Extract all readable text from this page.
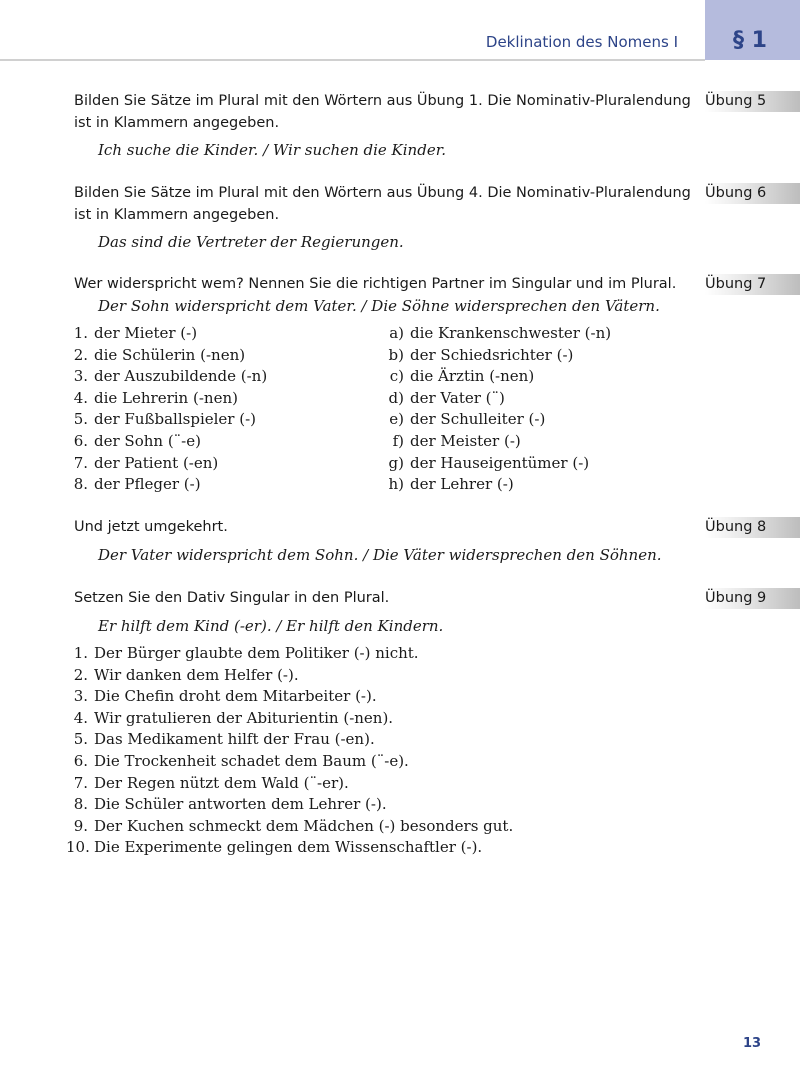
Deklination des Nomens I	§ 1
Übung 5
Bilden Sie Sätze im Plural mit den Wörtern aus Übung 1. Die Nominativ-Pluralendung ist in Klammern angegeben.
Ich suche die Kinder. / Wir suchen die Kinder.
Übung 6
Bilden Sie Sätze im Plural mit den Wörtern aus Übung 4. Die Nominativ-Pluralendung ist in Klammern angegeben.
Das sind die Vertreter der Regierungen.
Übung 7
Wer widerspricht wem? Nennen Sie die richtigen Partner im Singular und im Plural.
Der Sohn widerspricht dem Vater. / Die Söhne widersprechen den Vätern.
1. der Mieter (-)
2. die Schülerin (-nen)
3. der Auszubildende (-n)
4. die Lehrerin (-nen)
5. der Fußballspieler (-)
6. der Sohn (¨-e)
7. der Patient (-en)
8. der Pfleger (-)
a) die Krankenschwester (-n)
b) der Schiedsrichter (-)
c) die Ärztin (-nen)
d) der Vater (¨)
e) der Schulleiter (-)
f) der Meister (-)
g) der Hauseigentümer (-)
h) der Lehrer (-)
Übung 8
Und jetzt umgekehrt.
Der Vater widerspricht dem Sohn. / Die Väter widersprechen den Söhnen.
Übung 9
Setzen Sie den Dativ Singular in den Plural.
Er hilft dem Kind (-er). / Er hilft den Kindern.
1. Der Bürger glaubte dem Politiker (-) nicht.
2. Wir danken dem Helfer (-).
3. Die Chefin droht dem Mitarbeiter (-).
4. Wir gratulieren der Abiturientin (-nen).
5. Das Medikament hilft der Frau (-en).
6. Die Trockenheit schadet dem Baum (¨-e).
7. Der Regen nützt dem Wald (¨-er).
8. Die Schüler antworten dem Lehrer (-).
9. Der Kuchen schmeckt dem Mädchen (-) besonders gut.
10. Die Experimente gelingen dem Wissenschaftler (-).
13
